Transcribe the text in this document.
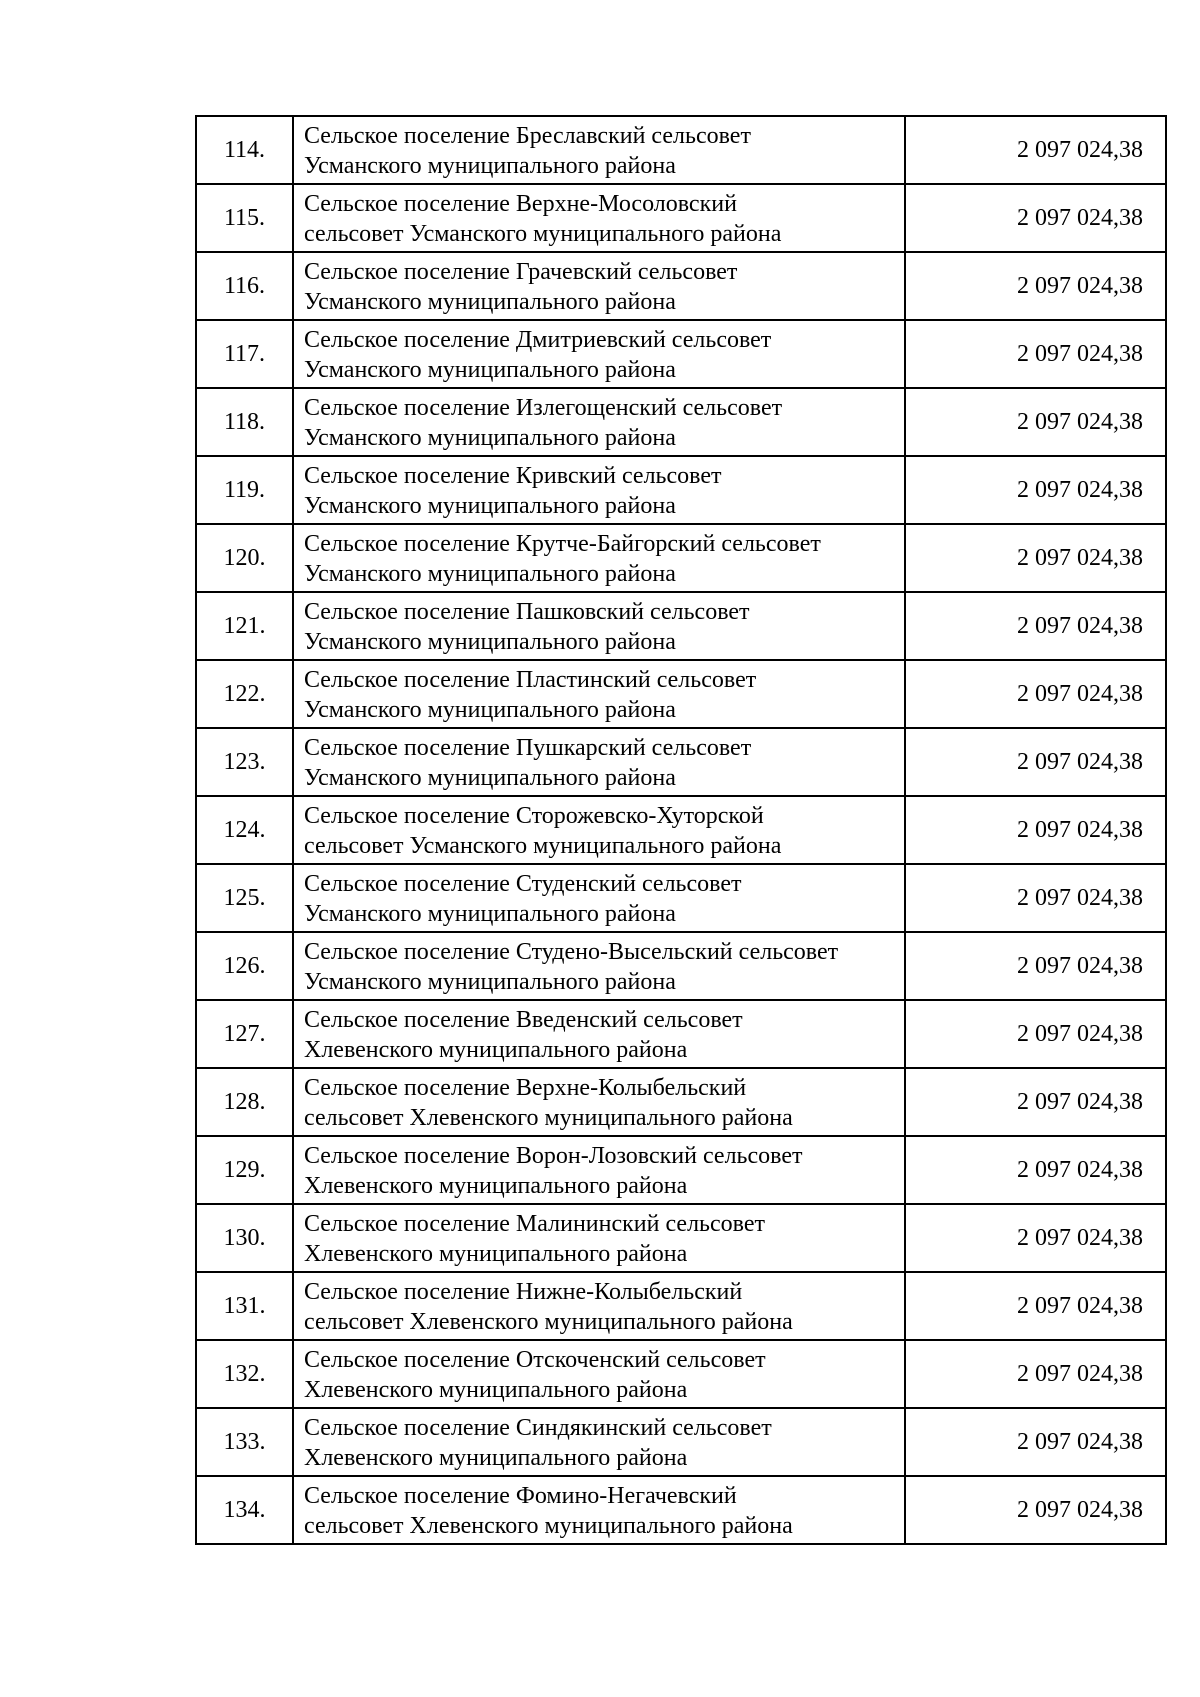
114.	Сельское поселение Бреславский сельсовет
Усманского муниципального района	2 097 024,38
115.	Сельское поселение Верхне-Мосоловский
сельсовет Усманского муниципального района	2 097 024,38
116.	Сельское поселение Грачевский сельсовет
Усманского муниципального района	2 097 024,38
117.	Сельское поселение Дмитриевский сельсовет
Усманского муниципального района	2 097 024,38
118.	Сельское поселение Излегощенский сельсовет
Усманского муниципального района	2 097 024,38
119.	Сельское поселение Кривский сельсовет
Усманского муниципального района	2 097 024,38
120.	Сельское поселение Крутче-Байгорский сельсовет
Усманского муниципального района	2 097 024,38
121.	Сельское поселение Пашковский сельсовет
Усманского муниципального района	2 097 024,38
122.	Сельское поселение Пластинский сельсовет
Усманского муниципального района	2 097 024,38
123.	Сельское поселение Пушкарский сельсовет
Усманского муниципального района	2 097 024,38
124.	Сельское поселение Сторожевско-Хуторской
сельсовет Усманского муниципального района	2 097 024,38
125.	Сельское поселение Студенский сельсовет
Усманского муниципального района	2 097 024,38
126.	Сельское поселение Студено-Высельский сельсовет
Усманского муниципального района	2 097 024,38
127.	Сельское поселение Введенский сельсовет
Хлевенского муниципального района	2 097 024,38
128.	Сельское поселение Верхне-Колыбельский
сельсовет Хлевенского муниципального района	2 097 024,38
129.	Сельское поселение Ворон-Лозовский сельсовет
Хлевенского муниципального района	2 097 024,38
130.	Сельское поселение Малининский сельсовет
Хлевенского муниципального района	2 097 024,38
131.	Сельское поселение Нижне-Колыбельский
сельсовет Хлевенского муниципального района	2 097 024,38
132.	Сельское поселение Отскоченский сельсовет
Хлевенского муниципального района	2 097 024,38
133.	Сельское поселение Синдякинский сельсовет
Хлевенского муниципального района	2 097 024,38
134.	Сельское поселение Фомино-Негачевский
сельсовет Хлевенского муниципального района	2 097 024,38
